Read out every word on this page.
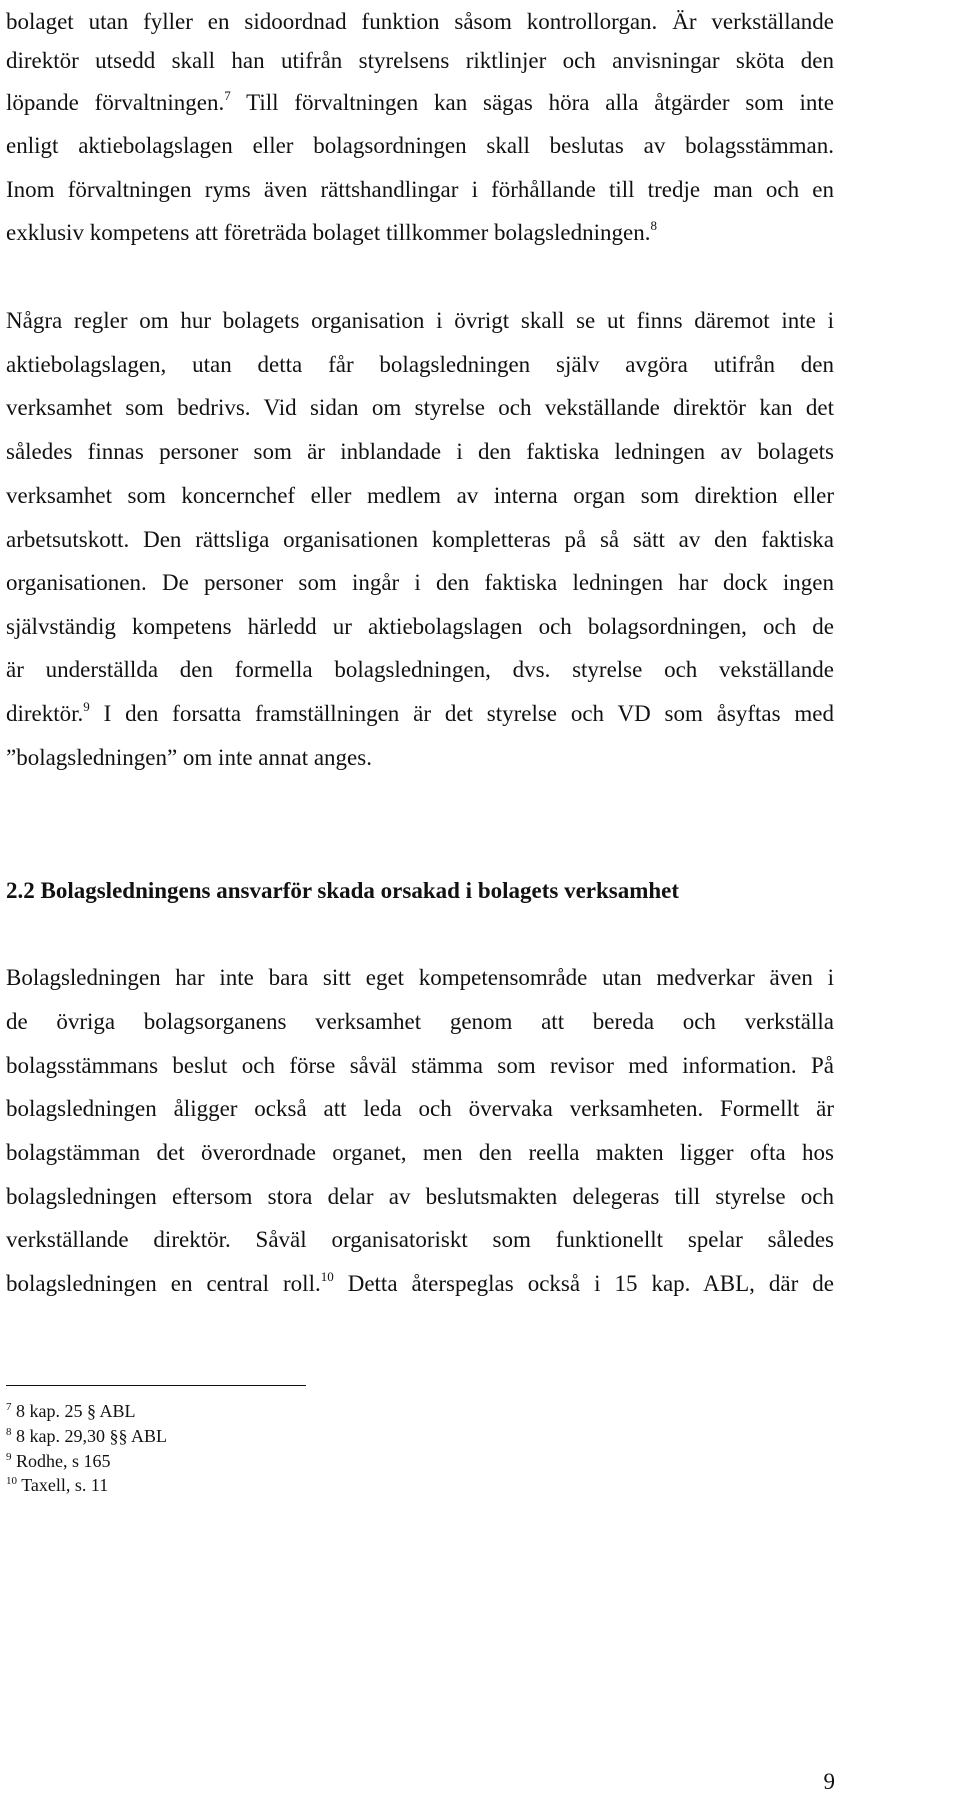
bolaget utan fyller en sidoordnad funktion såsom kontrollorgan. Är verkställande
direktör utsedd skall han utifrån styrelsens riktlinjer och anvisningar sköta den
löpande förvaltningen.$^7$ Till förvaltningen kan sägas höra alla åtgärder som inte
enligt aktiebolagslagen eller bolagsordningen skall beslutas av bolagsstämman.
Inom förvaltningen ryms även rättshandlingar i förhållande till tredje man och en
exklusiv kompetens att företräda bolaget tillkommer bolagsledningen.$^8$
Några regler om hur bolagets organisation i övrigt skall se ut finns däremot inte i
aktiebolagslagen, utan detta får bolagsledningen själv avgöra utifrån den
verksamhet som bedrivs. Vid sidan om styrelse och vekställande direktör kan det
således finnas personer som är inblandade i den faktiska ledningen av bolagets
verksamhet som koncernchef eller medlem av interna organ som direktion eller
arbetsutskott. Den rättsliga organisationen kompletteras på så sätt av den faktiska
organisationen. De personer som ingår i den faktiska ledningen har dock ingen
självständig kompetens härledd ur aktiebolagslagen och bolagsordningen, och de
är underställda den formella bolagsledningen, dvs. styrelse och vekställande
direktör.$^9$ I den forsatta framställningen är det styrelse och VD som åsyftas med
”bolagsledningen” om inte annat anges.
2.2 Bolagsledningens ansvarför skada orsakad i bolagets verksamhet
Bolagsledningen har inte bara sitt eget kompetensområde utan medverkar även i
de övriga bolagsorganens verksamhet genom att bereda och verkställa
bolagsstämmans beslut och förse såväl stämma som revisor med information. På
bolagsledningen åligger också att leda och övervaka verksamheten. Formellt är
bolagstämman det överordnade organet, men den reella makten ligger ofta hos
bolagsledningen eftersom stora delar av beslutsmakten delegeras till styrelse och
verkställande direktör. Såväl organisatoriskt som funktionellt spelar således
bolagsledningen en central roll.$^{10}$ Detta återspeglas också i 15 kap. ABL, där de
$^7$ 8 kap. 25 § ABL
$^8$ 8 kap. 29,30 §§ ABL
$^9$ Rodhe, s 165
$^{10}$ Taxell, s. 11
9
